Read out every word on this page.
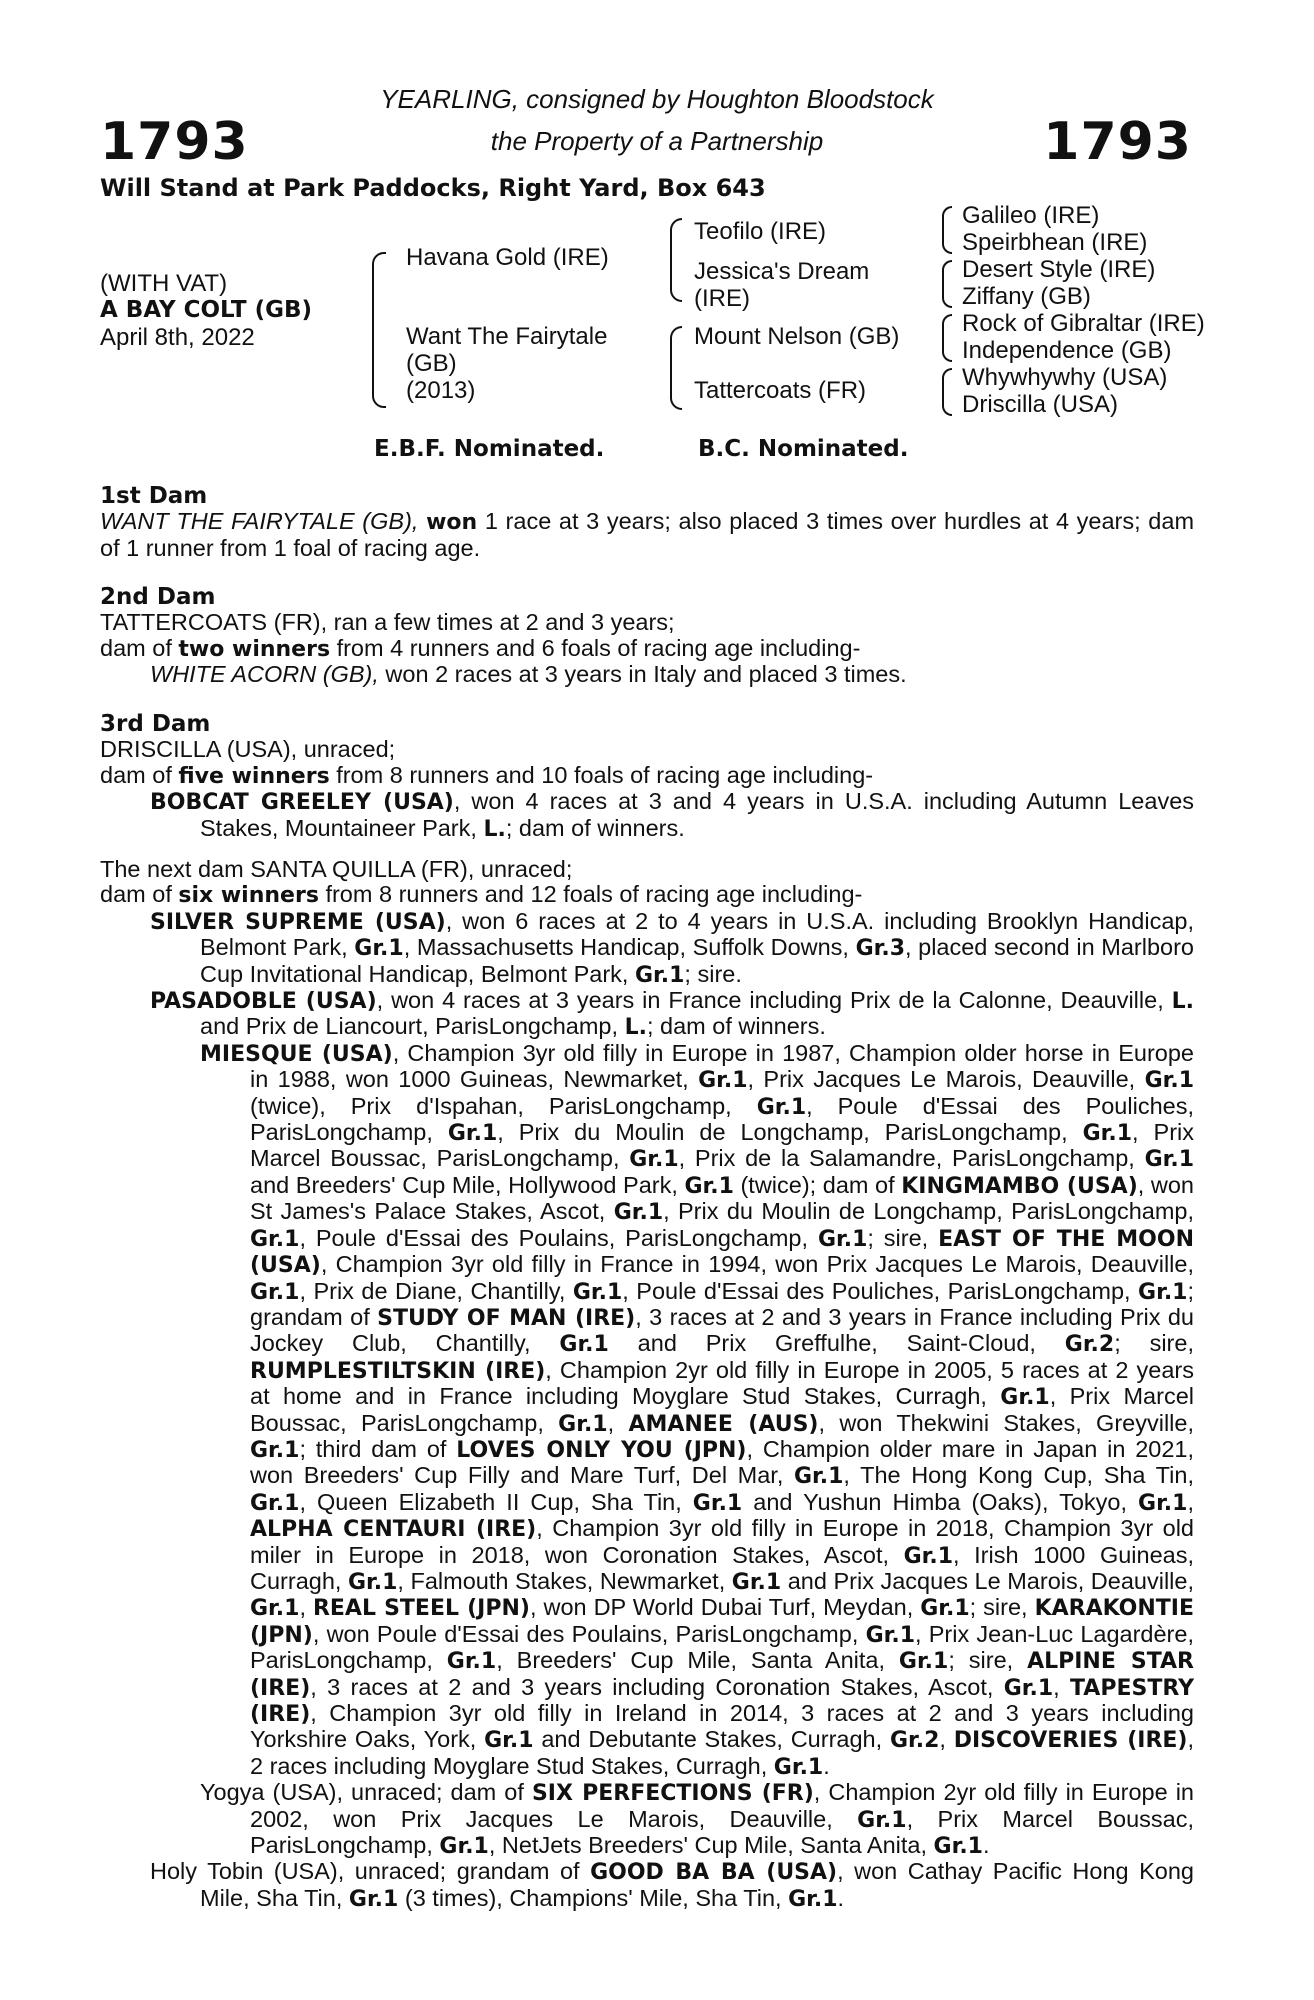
1793	1793
YEARLING, consigned by Houghton Bloodstock
the Property of a Partnership
Will Stand at Park Paddocks, Right Yard, Box 643
(WITH VAT)
A BAY COLT (GB)
April 8th, 2022
Havana Gold (IRE)
Want The Fairytale
(GB)
(2013)
Teofilo (IRE)
Jessica's Dream
(IRE)
Mount Nelson (GB)
Tattercoats (FR)
Galileo (IRE)
Speirbhean (IRE)
Desert Style (IRE)
Ziffany (GB)
Rock of Gibraltar (IRE)
Independence (GB)
Whywhywhy (USA)
Driscilla (USA)
E.B.F. Nominated.	B.C. Nominated.
1st Dam
WANT THE FAIRYTALE (GB), won 1 race at 3 years; also placed 3 times over hurdles at 4 years; dam of 1 runner from 1 foal of racing age.
2nd Dam
TATTERCOATS (FR), ran a few times at 2 and 3 years;
dam of two winners from 4 runners and 6 foals of racing age including-
WHITE ACORN (GB), won 2 races at 3 years in Italy and placed 3 times.
3rd Dam
DRISCILLA (USA), unraced;
dam of five winners from 8 runners and 10 foals of racing age including-
BOBCAT GREELEY (USA), won 4 races at 3 and 4 years in U.S.A. including Autumn Leaves Stakes, Mountaineer Park, L.; dam of winners.
The next dam SANTA QUILLA (FR), unraced;
dam of six winners from 8 runners and 12 foals of racing age including-
SILVER SUPREME (USA), won 6 races at 2 to 4 years in U.S.A. including Brooklyn Handicap, Belmont Park, Gr.1, Massachusetts Handicap, Suffolk Downs, Gr.3, placed second in Marlboro Cup Invitational Handicap, Belmont Park, Gr.1; sire.
PASADOBLE (USA), won 4 races at 3 years in France including Prix de la Calonne, Deauville, L. and Prix de Liancourt, ParisLongchamp, L.; dam of winners.
MIESQUE (USA), Champion 3yr old filly in Europe in 1987, Champion older horse in Europe in 1988, won 1000 Guineas, Newmarket, Gr.1, Prix Jacques Le Marois, Deauville, Gr.1 (twice), Prix d'Ispahan, ParisLongchamp, Gr.1, Poule d'Essai des Pouliches, ParisLongchamp, Gr.1, Prix du Moulin de Longchamp, ParisLongchamp, Gr.1, Prix Marcel Boussac, ParisLongchamp, Gr.1, Prix de la Salamandre, ParisLongchamp, Gr.1 and Breeders' Cup Mile, Hollywood Park, Gr.1 (twice); dam of KINGMAMBO (USA), won St James's Palace Stakes, Ascot, Gr.1, Prix du Moulin de Longchamp, ParisLongchamp, Gr.1, Poule d'Essai des Poulains, ParisLongchamp, Gr.1; sire, EAST OF THE MOON (USA), Champion 3yr old filly in France in 1994, won Prix Jacques Le Marois, Deauville, Gr.1, Prix de Diane, Chantilly, Gr.1, Poule d'Essai des Pouliches, ParisLongchamp, Gr.1; grandam of STUDY OF MAN (IRE), 3 races at 2 and 3 years in France including Prix du Jockey Club, Chantilly, Gr.1 and Prix Greffulhe, Saint-Cloud, Gr.2; sire, RUMPLESTILTSKIN (IRE), Champion 2yr old filly in Europe in 2005, 5 races at 2 years at home and in France including Moyglare Stud Stakes, Curragh, Gr.1, Prix Marcel Boussac, ParisLongchamp, Gr.1, AMANEE (AUS), won Thekwini Stakes, Greyville, Gr.1; third dam of LOVES ONLY YOU (JPN), Champion older mare in Japan in 2021, won Breeders' Cup Filly and Mare Turf, Del Mar, Gr.1, The Hong Kong Cup, Sha Tin, Gr.1, Queen Elizabeth II Cup, Sha Tin, Gr.1 and Yushun Himba (Oaks), Tokyo, Gr.1, ALPHA CENTAURI (IRE), Champion 3yr old filly in Europe in 2018, Champion 3yr old miler in Europe in 2018, won Coronation Stakes, Ascot, Gr.1, Irish 1000 Guineas, Curragh, Gr.1, Falmouth Stakes, Newmarket, Gr.1 and Prix Jacques Le Marois, Deauville, Gr.1, REAL STEEL (JPN), won DP World Dubai Turf, Meydan, Gr.1; sire, KARAKONTIE (JPN), won Poule d'Essai des Poulains, ParisLongchamp, Gr.1, Prix Jean-Luc Lagardère, ParisLongchamp, Gr.1, Breeders' Cup Mile, Santa Anita, Gr.1; sire, ALPINE STAR (IRE), 3 races at 2 and 3 years including Coronation Stakes, Ascot, Gr.1, TAPESTRY (IRE), Champion 3yr old filly in Ireland in 2014, 3 races at 2 and 3 years including Yorkshire Oaks, York, Gr.1 and Debutante Stakes, Curragh, Gr.2, DISCOVERIES (IRE), 2 races including Moyglare Stud Stakes, Curragh, Gr.1.
Yogya (USA), unraced; dam of SIX PERFECTIONS (FR), Champion 2yr old filly in Europe in 2002, won Prix Jacques Le Marois, Deauville, Gr.1, Prix Marcel Boussac, ParisLongchamp, Gr.1, NetJets Breeders' Cup Mile, Santa Anita, Gr.1.
Holy Tobin (USA), unraced; grandam of GOOD BA BA (USA), won Cathay Pacific Hong Kong Mile, Sha Tin, Gr.1 (3 times), Champions' Mile, Sha Tin, Gr.1.
